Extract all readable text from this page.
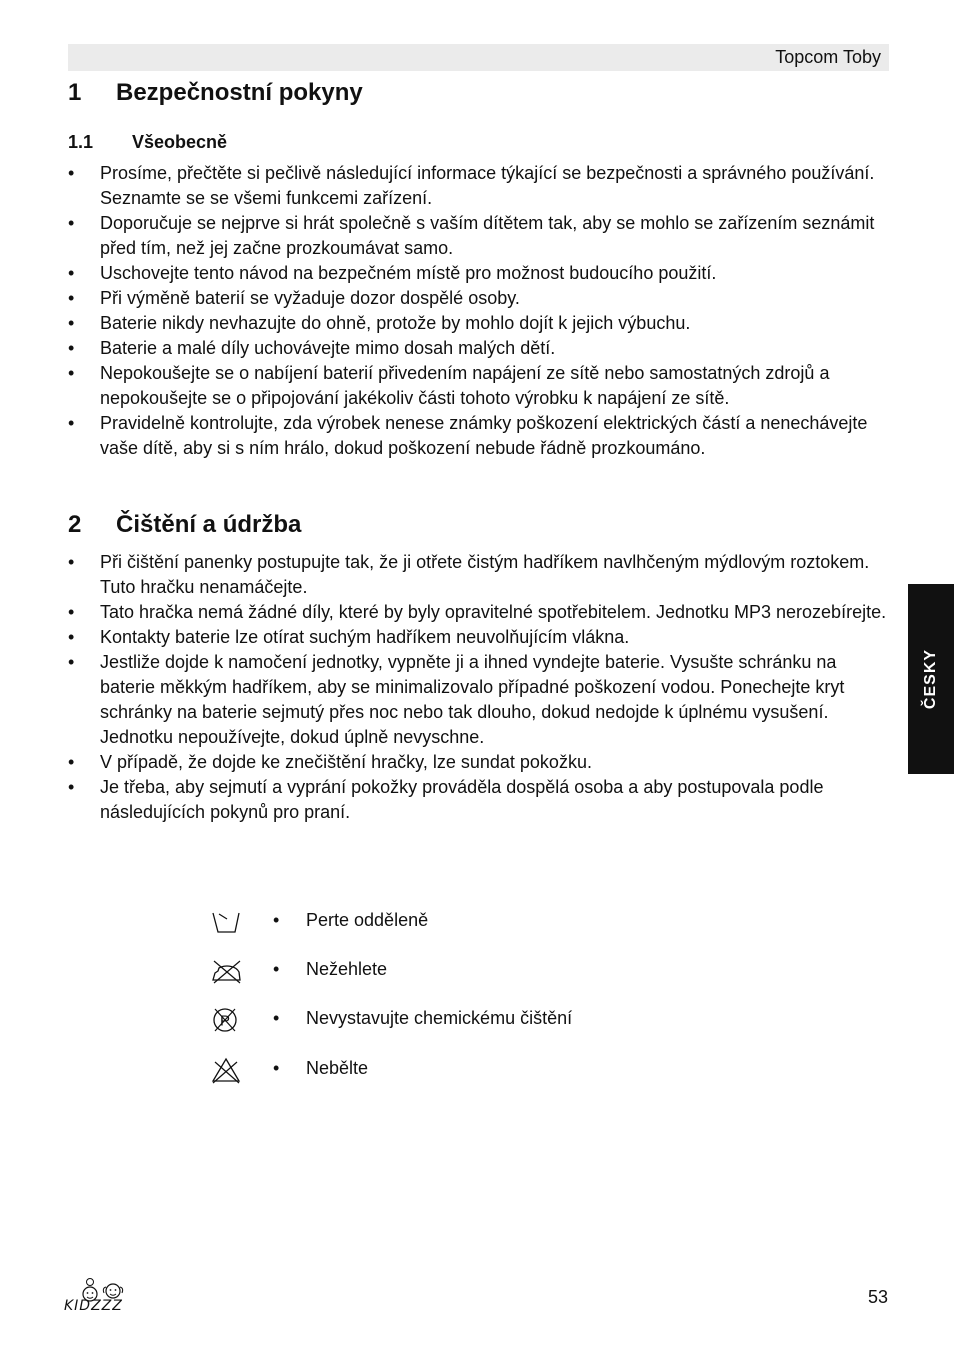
Topcom Toby
1 Bezpečnostní pokyny
1.1 Všeobecně
• Prosíme, přečtěte si pečlivě následující informace týkající se bezpečnosti a správného používání. Seznamte se se všemi funkcemi zařízení.
• Doporučuje se nejprve si hrát společně s vaším dítětem tak, aby se mohlo se zařízením seznámit před tím, než jej začne prozkoumávat samo.
• Uschovejte tento návod na bezpečném místě pro možnost budoucího použití.
• Při výměně baterií se vyžaduje dozor dospělé osoby.
• Baterie nikdy nevhazujte do ohně, protože by mohlo dojít k jejich výbuchu.
• Baterie a malé díly uchovávejte mimo dosah malých dětí.
• Nepokoušejte se o nabíjení baterií přivedením napájení ze sítě nebo samostatných zdrojů a nepokoušejte se o připojování jakékoliv části tohoto výrobku k napájení ze sítě.
• Pravidelně kontrolujte, zda výrobek nenese známky poškození elektrických částí a nenechávejte vaše dítě, aby si s ním hrálo, dokud poškození nebude řádně prozkoumáno.
2 Čištění a údržba
• Při čištění panenky postupujte tak, že ji otřete čistým hadříkem navlhčeným mýdlovým roztokem. Tuto hračku nenamáčejte.
• Tato hračka nemá žádné díly, které by byly opravitelné spotřebitelem. Jednotku MP3 nerozebírejte.
• Kontakty baterie lze otírat suchým hadříkem neuvolňujícím vlákna.
• Jestliže dojde k namočení jednotky, vypněte ji a ihned vyndejte baterie. Vysušte schránku na baterie měkkým hadříkem, aby se minimalizovalo případné poškození vodou. Ponechejte kryt schránky na baterie sejmutý přes noc nebo tak dlouho, dokud nedojde k úplnému vysušení. Jednotku nepoužívejte, dokud úplně nevyschne.
• V případě, že dojde ke znečištění hračky, lze sundat pokožku.
• Je třeba, aby sejmutí a vyprání pokožky prováděla dospělá osoba a aby postupovala podle následujících pokynů pro praní.
ČESKY
• Perte odděleně
• Nežehlete
P • Nevystavujte chemickému čištění
• Nebělte
KIDZZZ	53
